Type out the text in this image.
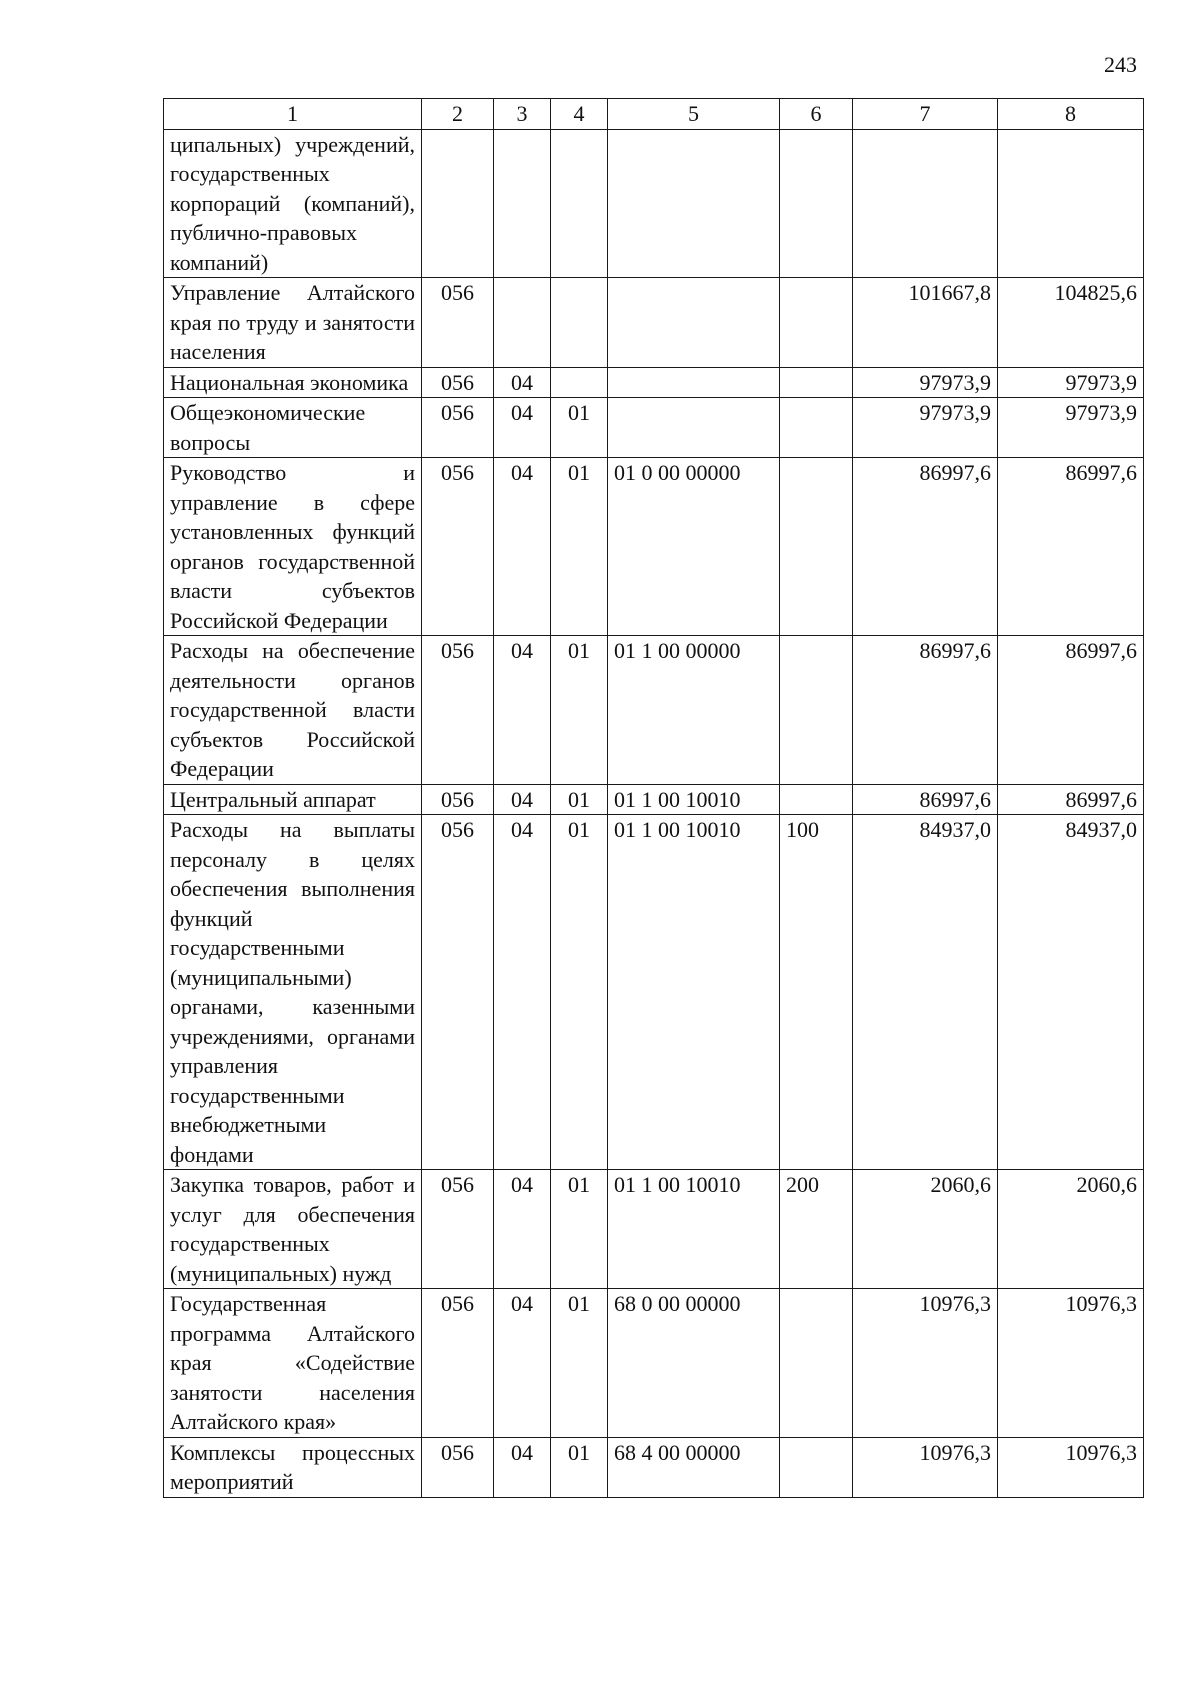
243
1	2	3	4	5	6	7	8
ципальных) учреждений, государственных корпораций (компаний), публично-правовых компаний)							
Управление Алтайского края по труду и занятости населения	056					101667,8	104825,6
Национальная экономика	056	04				97973,9	97973,9
Общеэкономические вопросы	056	04	01			97973,9	97973,9
Руководство и управление в сфере установленных функций органов государственной власти субъектов Российской Федерации	056	04	01	01 0 00 00000		86997,6	86997,6
Расходы на обеспечение деятельности органов государственной власти субъектов Российской Федерации	056	04	01	01 1 00 00000		86997,6	86997,6
Центральный аппарат	056	04	01	01 1 00 10010		86997,6	86997,6
Расходы на выплаты персоналу в целях обеспечения выполнения функций государственными (муниципальными) органами, казенными учреждениями, органами управления государственными внебюджетными фондами	056	04	01	01 1 00 10010	100	84937,0	84937,0
Закупка товаров, работ и услуг для обеспечения государственных (муниципальных) нужд	056	04	01	01 1 00 10010	200	2060,6	2060,6
Государственная программа Алтайского края «Содействие занятости населения Алтайского края»	056	04	01	68 0 00 00000		10976,3	10976,3
Комплексы процессных мероприятий	056	04	01	68 4 00 00000		10976,3	10976,3
